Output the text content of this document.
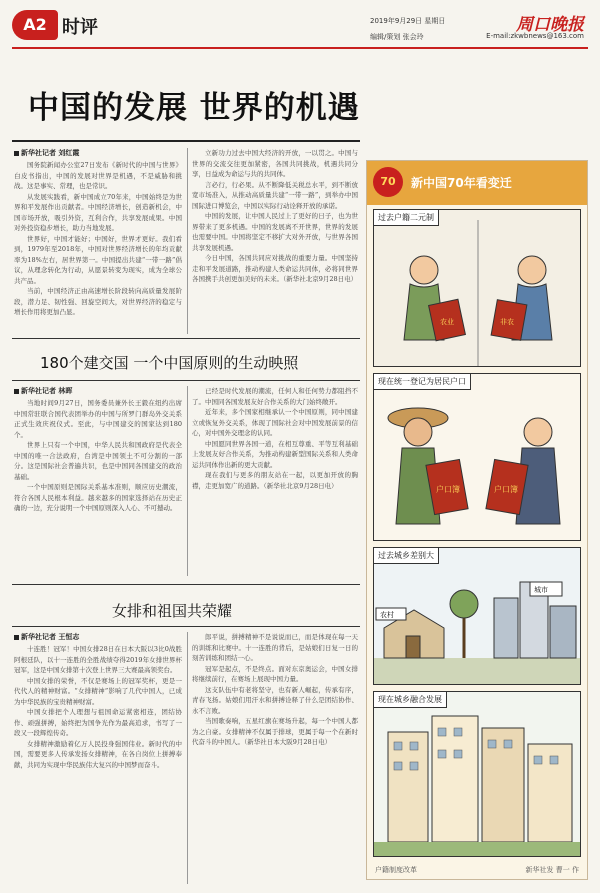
A2 时评	2019年9月29日 星期日	周口晚报
编辑/策划 张会玲	E-mail:zkwbnews@163.com
中国的发展 世界的机遇
新华社记者 刘红霞

国务院新闻办公室27日发布《新时代的中国与世界》白皮书指出，中国的发展对世界是机遇，不是威胁和挑战。这是事实、常理，也是常识。

从发展实践看，新中国成立70年来，中国始终是为世界和平发展作出贡献者。中国经济增长，创造新机会，中国市场开放，吸引外资，互利合作，共享发展成果。中国对外投资稳步增长，助力当地发展。

世界好，中国才能好；中国好，世界才更好。我们看到，1979年至2018年，中国对世界经济增长的年均贡献率为18%左右，居世界第一。中国提出共建“一带一路”倡议，从理念转化为行动，从愿景转变为现实，成为全球公共产品。

当前，中国经济正由高速增长阶段转向高质量发展阶段，潜力足、韧性强、回旋空间大，对世界经济的稳定与增长作用将更加凸显。

立新功力过去中国大经济的开放，一以贯之。中国与世界的交流交往更加紧密，各国共同挑战，机遇共同分享，日益成为命运与共的共同体。

言必行，行必果。从不断降低关税总水平，到不断放宽市场准入，从推动高质量共建“一带一路”，到举办中国国际进口博览会，中国以实际行动诠释开放的承诺。

中国的发展，让中国人民过上了更好的日子，也为世界带来了更多机遇。中国的发展离不开世界，世界的发展也需要中国。中国将坚定不移扩大对外开放，与世界各国共享发展机遇。

今日中国，各国共同应对挑战的重要力量。中国坚持走和平发展道路，推动构建人类命运共同体，必将同世界各国携手共创更加美好的未来。（新华社北京9月28日电）

180个建交国 一个中国原则的生动映照
新华社记者 林晖

当地时间9月27日，国务委员兼外长王毅在纽约出席中国常驻联合国代表团举办的中国与所罗门群岛外交关系正式生效庆祝仪式。至此，与中国建交的国家达到180个。

世界上只有一个中国，中华人民共和国政府是代表全中国的唯一合法政府，台湾是中国领土不可分割的一部分。这是国际社会普遍共识，也是中国同各国建交的政治基础。

一个中国原则是国际关系基本准则，顺应历史潮流，符合各国人民根本利益。越来越多的国家选择站在历史正确的一边，充分说明一个中国原则深入人心、不可撼动。

已经是时代发展的潮流，任何人和任何势力都阻挡不了。中国同各国发展友好合作关系的大门始终敞开。

近年来，多个国家相继承认一个中国原则，同中国建立或恢复外交关系，体现了国际社会对中国发展前景的信心，对中国外交理念的认同。

中国愿同世界各国一道，在相互尊重、平等互利基础上发展友好合作关系，为推动构建新型国际关系和人类命运共同体作出新的更大贡献。

现在我们与更多的朋友站在一起，以更加开放的胸襟，走更加宽广的道路。（新华社北京9月28日电）

女排和祖国共荣耀
新华社记者 王恒志

十连胜！冠军！中国女排28日在日本大阪以3比0战胜阿根廷队，以十一连胜的全胜战绩夺得2019年女排世界杯冠军，这是中国女排第十次登上世界三大赛最高领奖台。

中国女排的荣誉，不仅是赛场上的冠军奖杯，更是一代代人的精神财富。“女排精神”影响了几代中国人，已成为中华民族的宝贵精神财富。

中国女排把个人理想与祖国命运紧密相连，团结协作、顽强拼搏，始终把为国争光作为最高追求，书写了一段又一段辉煌传奇。

女排精神激励着亿万人民投身强国伟业。新时代的中国，需要更多人传承发扬女排精神，在各自岗位上拼搏奉献，共同为实现中华民族伟大复兴的中国梦而奋斗。

郎平说，拼搏精神不是说说而已，而是体现在每一天的训练和比赛中。十一连胜的背后，是姑娘们日复一日的刻苦训练和团结一心。

冠军是起点，不是终点。面对东京奥运会，中国女排将继续前行，在赛场上展现中国力量。

这支队伍中有老将坚守，也有新人崛起，传承有序，青春飞扬。姑娘们用汗水和拼搏诠释了什么是团结协作、永不言败。

当国歌奏响，五星红旗在赛场升起，每一个中国人都为之自豪。女排精神不仅属于排球，更属于每一个在新时代奋斗的中国人。（新华社日本大阪9月28日电）

70	新中国70年看变迁
过去户籍二元制
农业	非农
现在统一登记为居民户口
户口簿	户口簿
过去城乡差别大
农村
城市
现在城乡融合发展
户籍制度改革	新华社发 曹一 作
